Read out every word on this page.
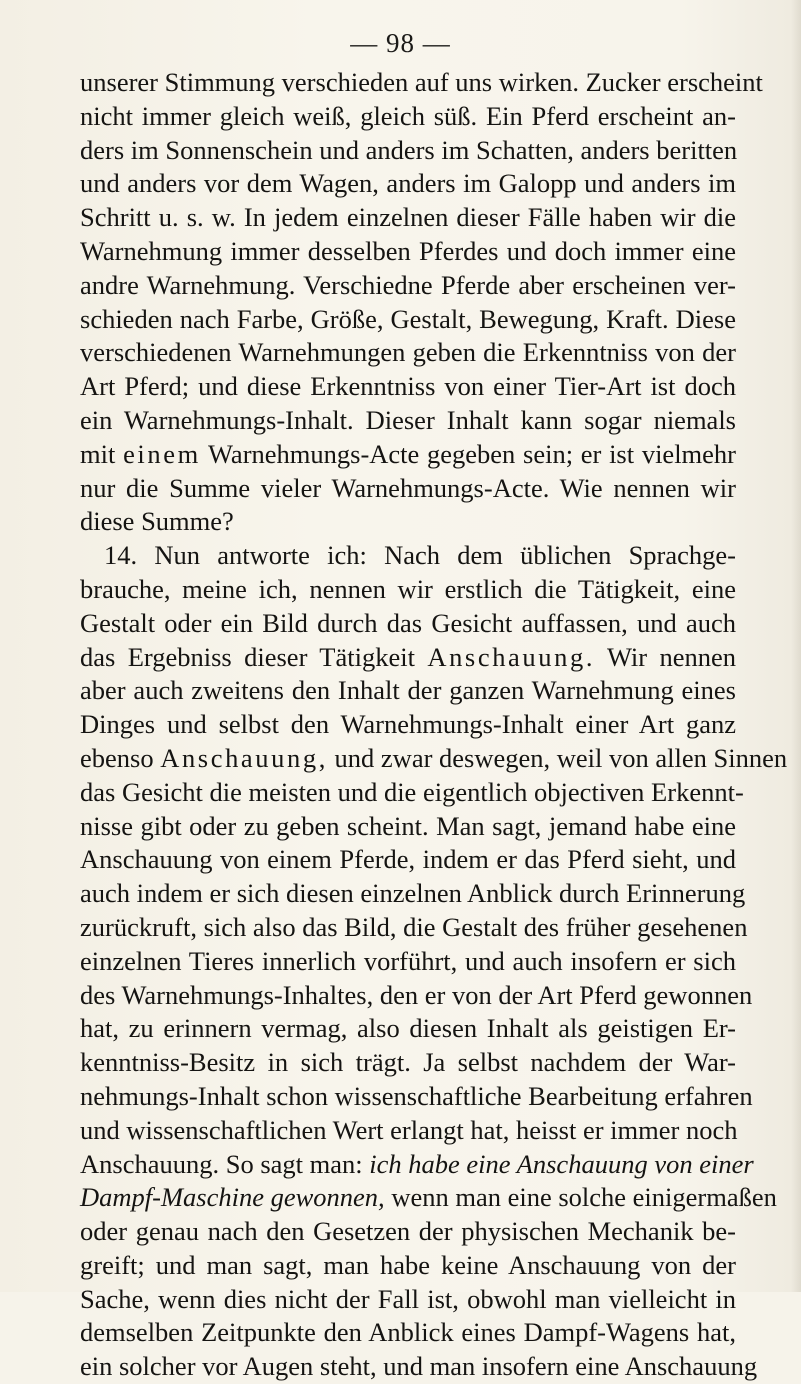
— 98 —
unserer Stimmung verschieden auf uns wirken. Zucker erscheint
nicht immer gleich weiß, gleich süß. Ein Pferd erscheint an-
ders im Sonnenschein und anders im Schatten, anders beritten
und anders vor dem Wagen, anders im Galopp und anders im
Schritt u. s. w. In jedem einzelnen dieser Fälle haben wir die
Warnehmung immer desselben Pferdes und doch immer eine
andre Warnehmung. Verschiedne Pferde aber erscheinen ver-
schieden nach Farbe, Größe, Gestalt, Bewegung, Kraft. Diese
verschiedenen Warnehmungen geben die Erkenntniss von der
Art Pferd; und diese Erkenntniss von einer Tier-Art ist doch
ein Warnehmungs-Inhalt. Dieser Inhalt kann sogar niemals
mit einem Warnehmungs-Acte gegeben sein; er ist vielmehr
nur die Summe vieler Warnehmungs-Acte. Wie nennen wir
diese Summe?
14. Nun antworte ich: Nach dem üblichen Sprachge-
brauche, meine ich, nennen wir erstlich die Tätigkeit, eine
Gestalt oder ein Bild durch das Gesicht auffassen, und auch
das Ergebniss dieser Tätigkeit Anschauung. Wir nennen
aber auch zweitens den Inhalt der ganzen Warnehmung eines
Dinges und selbst den Warnehmungs-Inhalt einer Art ganz
ebenso Anschauung, und zwar deswegen, weil von allen Sinnen
das Gesicht die meisten und die eigentlich objectiven Erkennt-
nisse gibt oder zu geben scheint. Man sagt, jemand habe eine
Anschauung von einem Pferde, indem er das Pferd sieht, und
auch indem er sich diesen einzelnen Anblick durch Erinnerung
zurückruft, sich also das Bild, die Gestalt des früher gesehenen
einzelnen Tieres innerlich vorführt, und auch insofern er sich
des Warnehmungs-Inhaltes, den er von der Art Pferd gewonnen
hat, zu erinnern vermag, also diesen Inhalt als geistigen Er-
kenntniss-Besitz in sich trägt. Ja selbst nachdem der War-
nehmungs-Inhalt schon wissenschaftliche Bearbeitung erfahren
und wissenschaftlichen Wert erlangt hat, heisst er immer noch
Anschauung. So sagt man: ich habe eine Anschauung von einer
Dampf-Maschine gewonnen, wenn man eine solche einigermaßen
oder genau nach den Gesetzen der physischen Mechanik be-
greift; und man sagt, man habe keine Anschauung von der
Sache, wenn dies nicht der Fall ist, obwohl man vielleicht in
demselben Zeitpunkte den Anblick eines Dampf-Wagens hat,
ein solcher vor Augen steht, und man insofern eine Anschauung
